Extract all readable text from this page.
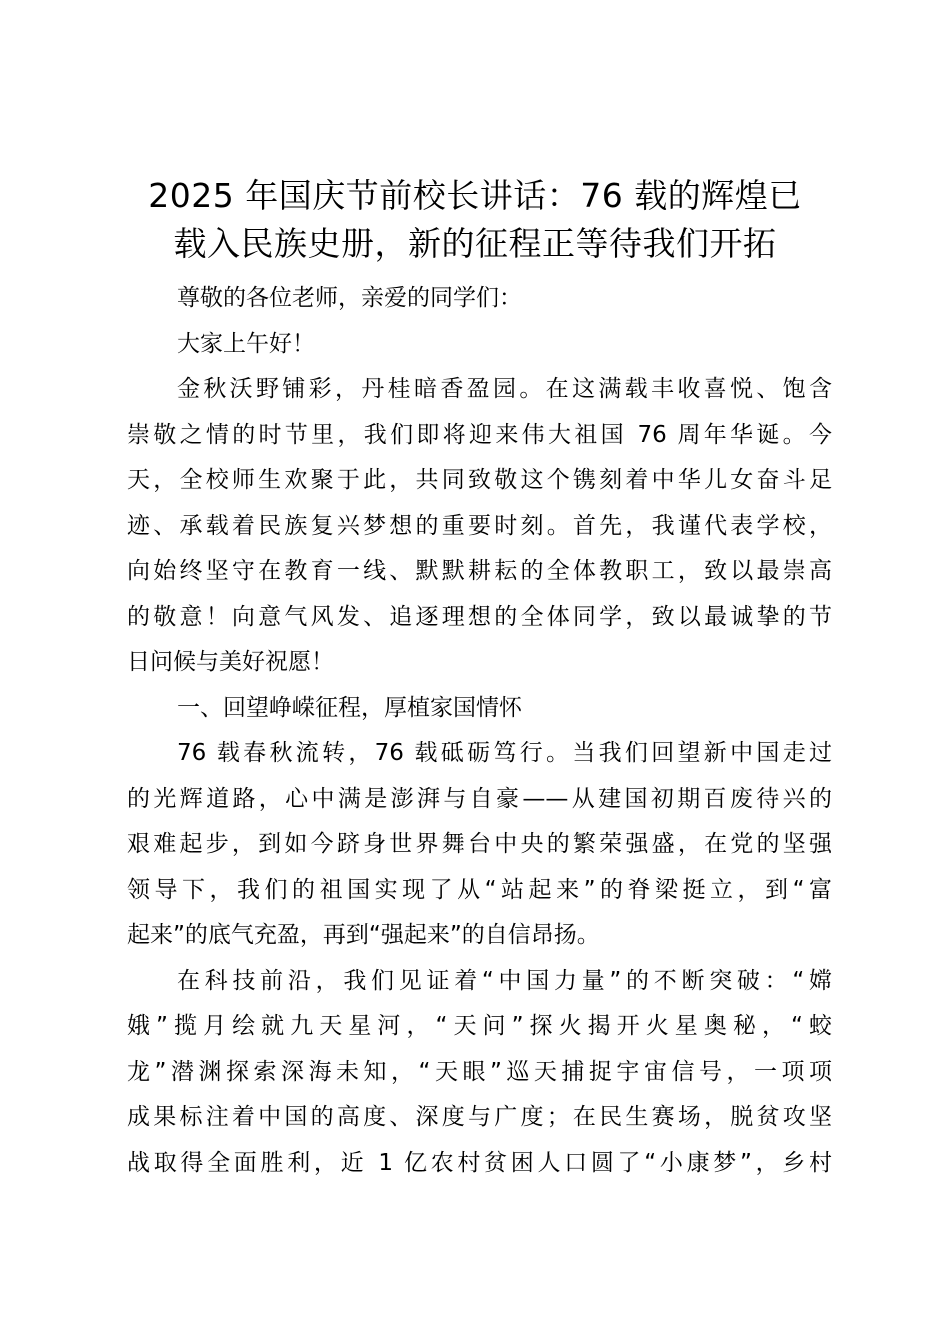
2025 年国庆节前校长讲话：76 载的辉煌已
载入民族史册，新的征程正等待我们开拓

尊敬的各位老师，亲爱的同学们：

大家上午好！

金秋沃野铺彩，丹桂暗香盈园。在这满载丰收喜悦、饱含
崇敬之情的时节里，我们即将迎来伟大祖国 76 周年华诞。今
天，全校师生欢聚于此，共同致敬这个镌刻着中华儿女奋斗足
迹、承载着民族复兴梦想的重要时刻。首先，我谨代表学校，
向始终坚守在教育一线、默默耕耘的全体教职工，致以最崇高
的敬意！向意气风发、追逐理想的全体同学，致以最诚挚的节
日问候与美好祝愿！

一、回望峥嵘征程，厚植家国情怀

76 载春秋流转，76 载砥砺笃行。当我们回望新中国走过
的光辉道路，心中满是澎湃与自豪——从建国初期百废待兴的
艰难起步，到如今跻身世界舞台中央的繁荣强盛，在党的坚强
领导下，我们的祖国实现了从“站起来”的脊梁挺立，到“富
起来”的底气充盈，再到“强起来”的自信昂扬。

在科技前沿，我们见证着“中国力量”的不断突破：“嫦
娥”揽月绘就九天星河，“天问”探火揭开火星奥秘，“蛟
龙”潜渊探索深海未知，“天眼”巡天捕捉宇宙信号，一项项
成果标注着中国的高度、深度与广度；在民生赛场，脱贫攻坚
战取得全面胜利，近 1 亿农村贫困人口圆了“小康梦”，乡村
